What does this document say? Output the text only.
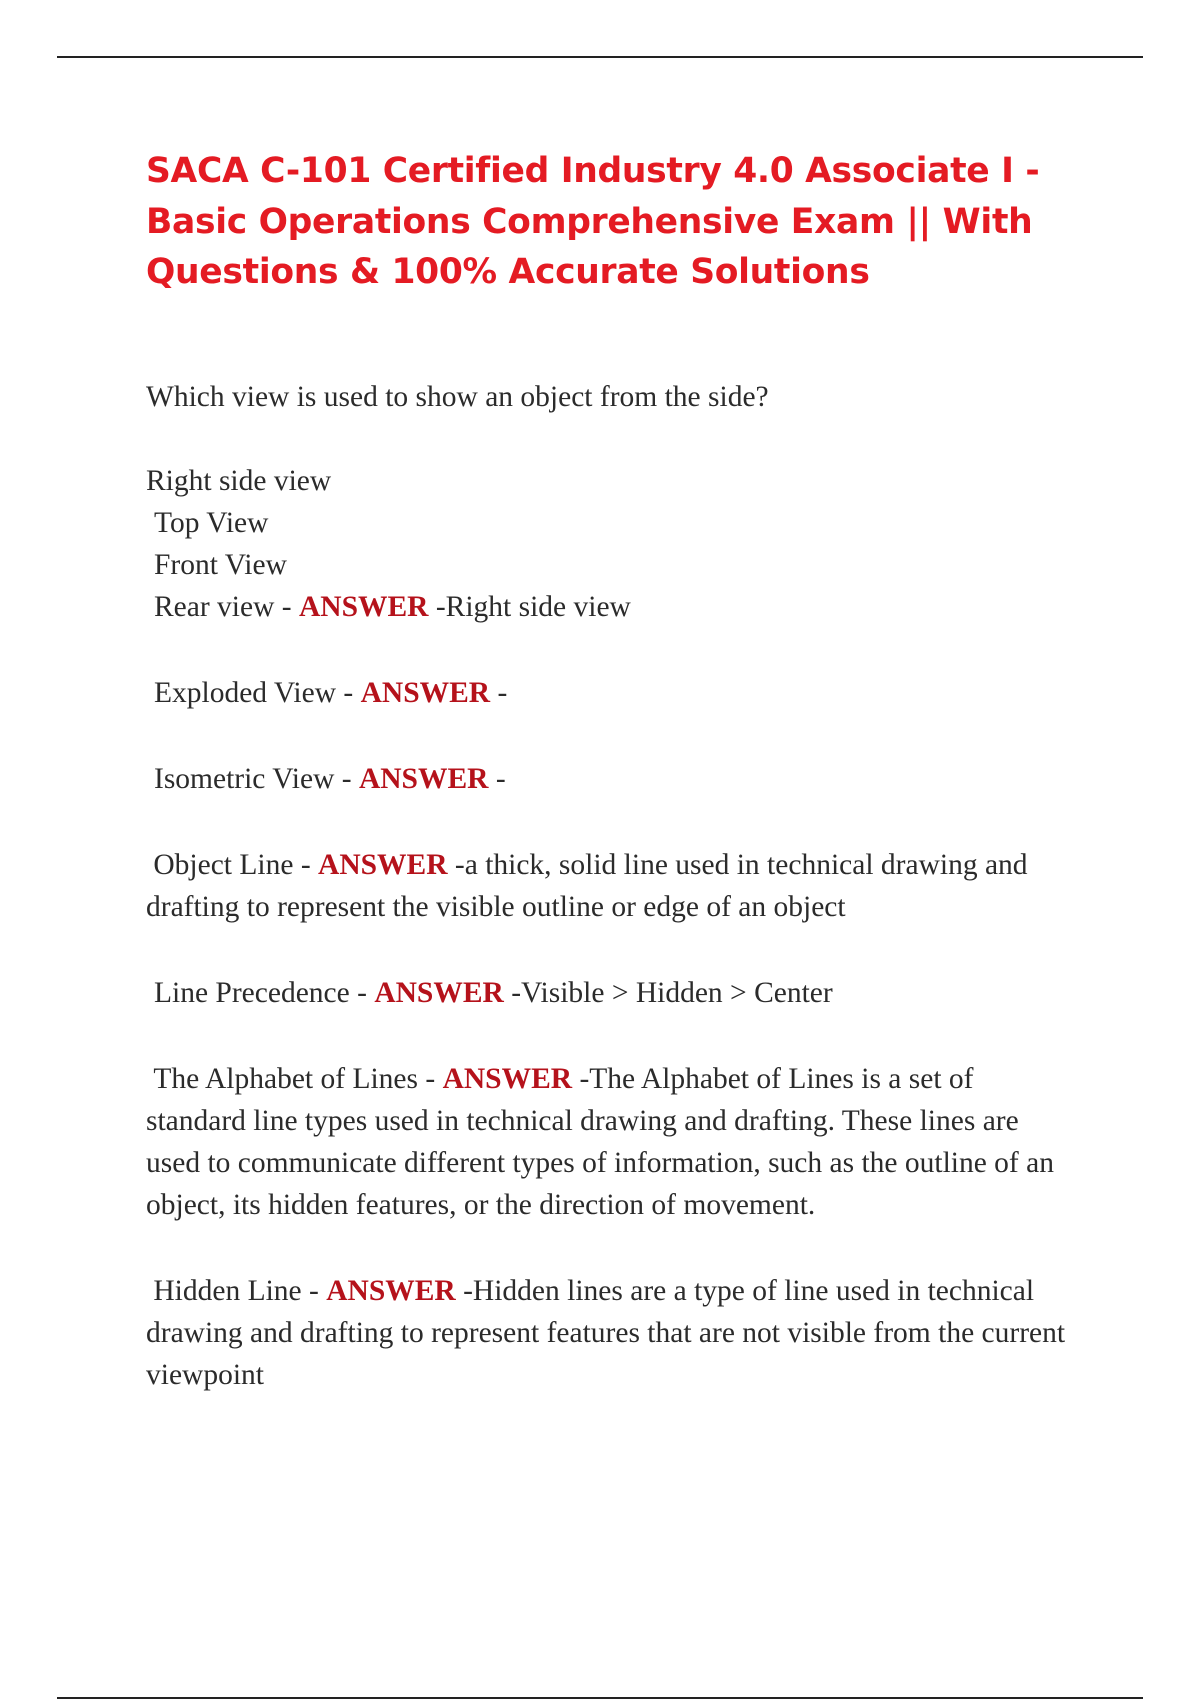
SACA C-101 Certified Industry 4.0 Associate I - Basic Operations Comprehensive Exam || With Questions & 100% Accurate Solutions
Which view is used to show an object from the side?
Right side view
Top View
Front View
Rear view - ANSWER -Right side view
Exploded View - ANSWER -
Isometric View - ANSWER -

Object Line - ANSWER -a thick, solid line used in technical drawing and drafting to represent the visible outline or edge of an object

Line Precedence - ANSWER -Visible > Hidden > Center

The Alphabet of Lines - ANSWER -The Alphabet of Lines is a set of standard line types used in technical drawing and drafting. These lines are used to communicate different types of information, such as the outline of an object, its hidden features, or the direction of movement.

Hidden Line - ANSWER -Hidden lines are a type of line used in technical drawing and drafting to represent features that are not visible from the current viewpoint
